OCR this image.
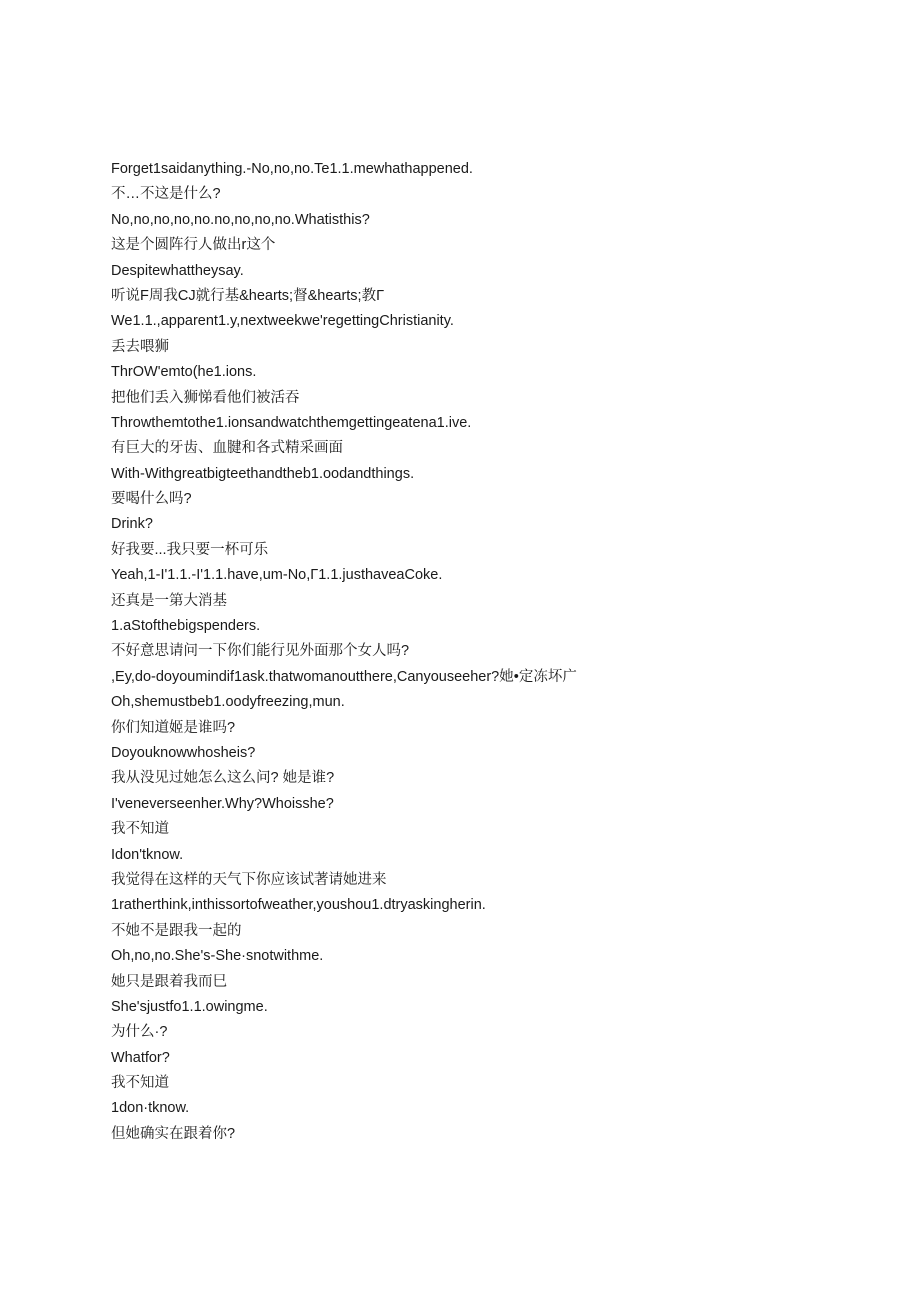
Forget1saidanything.-No,no,no.Te1.1.mewhathappened.
不…不这是什么?
No,no,no,no,no.no,no,no,no.Whatisthis?
这是个圆阵行人做出r这个
Despitewhattheysay.
听说F周我CJ就行基&hearts;督&hearts;教Γ
We1.1.,apparent1.y,nextweekwe'regettingChristianity.
丢去喂狮
ThrOW'emto(he1.ions.
把他们丢入狮悌看他们被活吞
Throwthemtothe1.ionsandwatchthemgettingeatena1.ive.
有巨大的牙齿、血腱和各式精采画面
With-Withgreatbigteethandtheb1.oodandthings.
要喝什么吗?
Drink?
好我要...我只要一杯可乐
Yeah,1-I'1.1.-I'1.1.have,um-No,Γ1.1.justhaveaCoke.
还真是一第大消基
1.aStofthebigspenders.
不好意思请问一下你们能行见外面那个女人吗?
,Ey,do-doyoumindif1ask.thatwomanoutthere,Canyouseeher?她•定冻坏广
Oh,shemustbeb1.oodyfreezing,mun.
你们知道姬是谁吗?
Doyouknowwhosheis?
我从没见过她怎么这么问? 她是谁?
I'veneverseenher.Why?Whoisshe?
我不知道
Idon'tknow.
我觉得在这样的天气下你应该试著请她进来
1ratherthink,inthissortofweather,youshou1.dtryaskingherin.
不她不是跟我一起的
Oh,no,no.She's-She·snotwithme.
她只是跟着我而巳
She'sjustfo1.1.owingme.
为什么·?
Whatfor?
我不知道
1don·tknow.
但她确实在跟着你?
